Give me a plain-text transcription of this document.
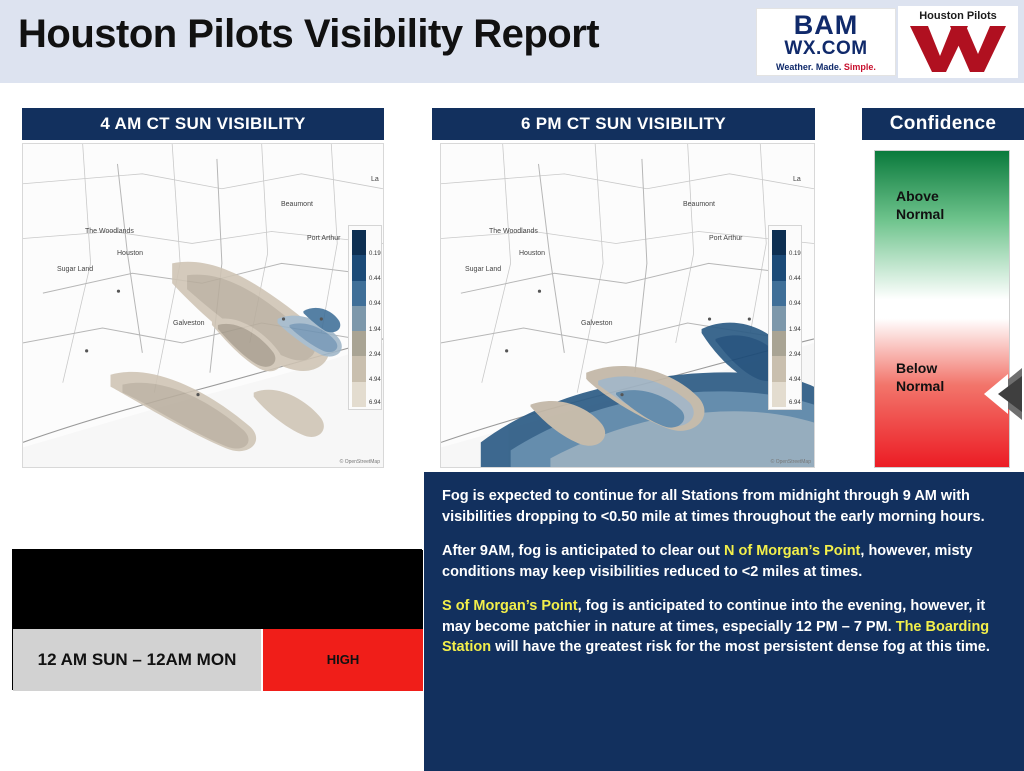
Houston Pilots Visibility Report	BAM
WX.COM
Weather. Made. Simple.
Houston Pilots
4 AM CT SUN VISIBILITY	6 PM CT SUN VISIBILITY	Confidence
The Woodlands
Beaumont
Houston
Port Arthur
Sugar Land
Galveston
La
© OpenStreetMap
0.19
0.44
0.94
1.94
2.94
4.94
6.94
The Woodlands
Beaumont
Houston
Port Arthur
Sugar Land
Galveston
La
© OpenStreetMap
0.19
0.44
0.94
1.94
2.94
4.94
6.94
Above
Normal
Below
Normal
TIMEFRAME
DISCUSSED
THREAT
12 AM SUN – 12AM MON	HIGH

Fog is expected to continue for all Stations from midnight through 9 AM with visibilities dropping to <0.50 mile at times throughout the early morning hours.

After 9AM, fog is anticipated to clear out N of Morgan’s Point, however, misty conditions may keep visibilities reduced to <2 miles at times.

S of Morgan’s Point, fog is anticipated to continue into the evening, however, it may become patchier in nature at times, especially 12 PM – 7 PM. The Boarding Station will have the greatest risk for the most persistent dense fog at this time.
